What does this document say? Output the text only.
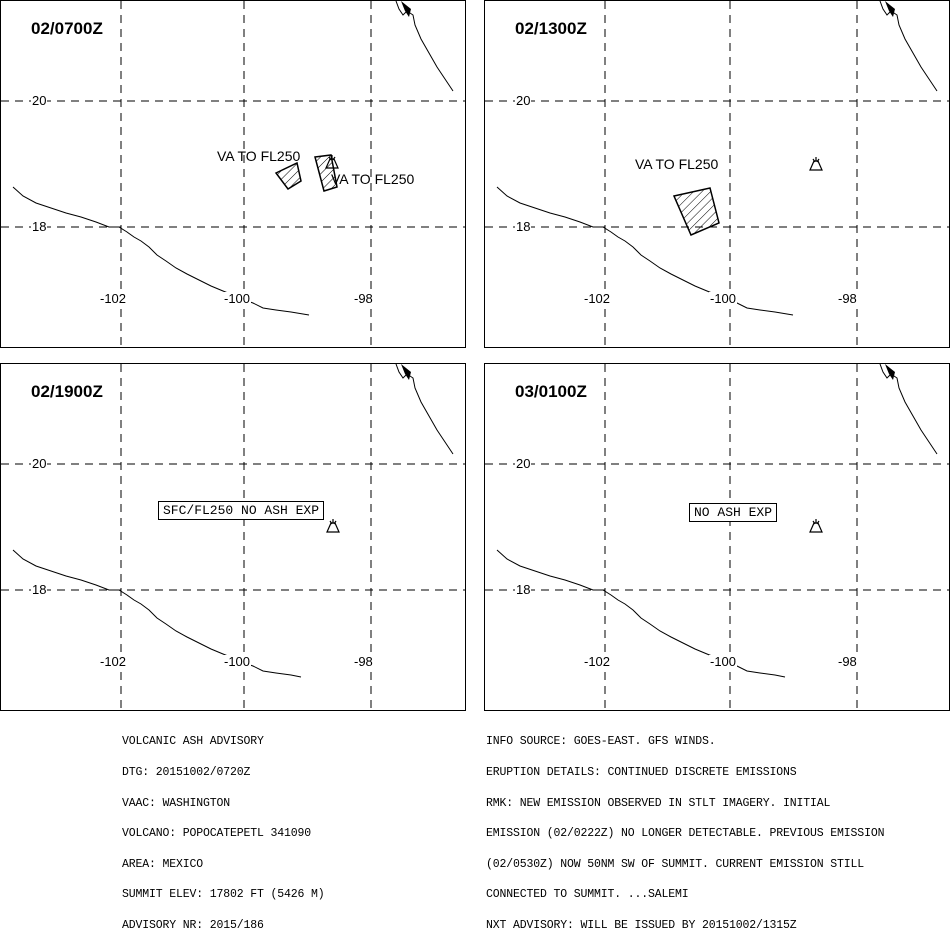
02/0700Z
20
18
-102	-100	-98
VA TO FL250
VA TO FL250
02/1300Z
20
18
-102	-100	-98
VA TO FL250
02/1900Z
20
18
-102	-100	-98
SFC/FL250 NO ASH EXP
03/0100Z
20
18
-102	-100	-98
NO ASH EXP

VOLCANIC ASH ADVISORY

DTG: 20151002/0720Z

VAAC: WASHINGTON

VOLCANO: POPOCATEPETL 341090

AREA: MEXICO

SUMMIT ELEV: 17802 FT (5426 M)

ADVISORY NR: 2015/186

INFO SOURCE: GOES-EAST. GFS WINDS.

ERUPTION DETAILS: CONTINUED DISCRETE EMISSIONS

RMK: NEW EMISSION OBSERVED IN STLT IMAGERY. INITIAL

EMISSION (02/0222Z) NO LONGER DETECTABLE. PREVIOUS EMISSION

(02/0530Z) NOW 50NM SW OF SUMMIT. CURRENT EMISSION STILL

CONNECTED TO SUMMIT. ...SALEMI

NXT ADVISORY: WILL BE ISSUED BY 20151002/1315Z
